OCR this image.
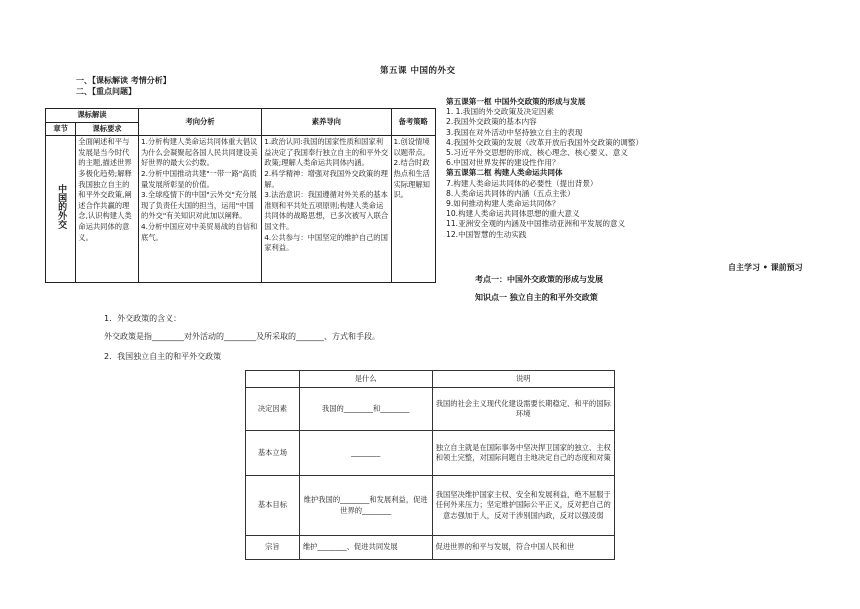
第五课 中国的外交
一、【课标解读 考情分析】
二、【重点问题】
课标解读		考向分析	素养导向	备考策略
章节	课标要求			
中国的外交	全面阐述和平与发展是当今时代的主题,描述世界多极化趋势;解释我国独立自主的和平外交政策,阐述合作共赢的理念,认识构建人类命运共同体的意义。	1.分析构建人类命运共同体重大倡议为什么会凝聚起各国人民共同建设美好世界的最大公约数。
2.分析中国推动共建"一带一路"高质量发展所彰显的价值。
3.全球疫情下的中国"云外交"充分展现了负责任大国的担当，运用"中国的外交"有关知识对此加以阐释。
4.分析中国应对中美贸易战的自信和底气。	1.政治认同:我国的国家性质和国家利益决定了我国奉行独立自主的和平外交政策;理解人类命运共同体内涵。
2.科学精神：增强对我国外交政策的理解。
3.法治意识：我国遵循对外关系的基本准则和平共处五项原则;构建人类命运共同体的战略思想，已多次被写入联合国文件。
4.公共参与：中国坚定的维护自己的国家利益。	1.创设情境以题带点。
2.结合时政热点和生活实际理解知识。
第五课第一框 中国外交政策的形成与发展
1. 1.我国的外交政策及决定因素
2.我国外交政策的基本内容
3.我国在对外活动中坚持独立自主的表现
4.我国外交政策的发展（改革开放后我国外交政策的调整）
5.习近平外交思想的形成、核心理念、核心要义、意义
6.中国对世界发挥的建设性作用？
第五课第二框 构建人类命运共同体
7.构建人类命运共同体的必要性（提出背景）
8.人类命运共同体的内涵（五点主张）
9.如何推动构建人类命运共同体？
10.构建人类命运共同体思想的重大意义
11.亚洲安全观的内涵及中国推动亚洲和平发展的意义
12.中国智慧的生动实践
自主学习 • 课前预习
考点一：中国外交政策的形成与发展
知识点一 独立自主的和平外交政策
1．外交政策的含义：
外交政策是指________对外活动的________及所采取的_______、方式和手段。
2．我国独立自主的和平外交政策
	是什么	说明
决定因素	我国的________和________	我国的社会主义现代化建设需要长期稳定、和平的国际环境
基本立场	________	独立自主就是在国际事务中坚决捍卫国家的独立、主权和领土完整，对国际问题自主地决定自己的态度和对策
基本目标	维护我国的________和发展利益，促进世界的________	我国坚决维护国家主权、安全和发展利益，绝不屈服于任何外来压力；坚定维护国际公平正义，反对把自己的意志强加于人，反对干涉别国内政，反对以强凌弱
宗旨	维护________、促进共同发展	促进世界的和平与发展，符合中国人民和世
